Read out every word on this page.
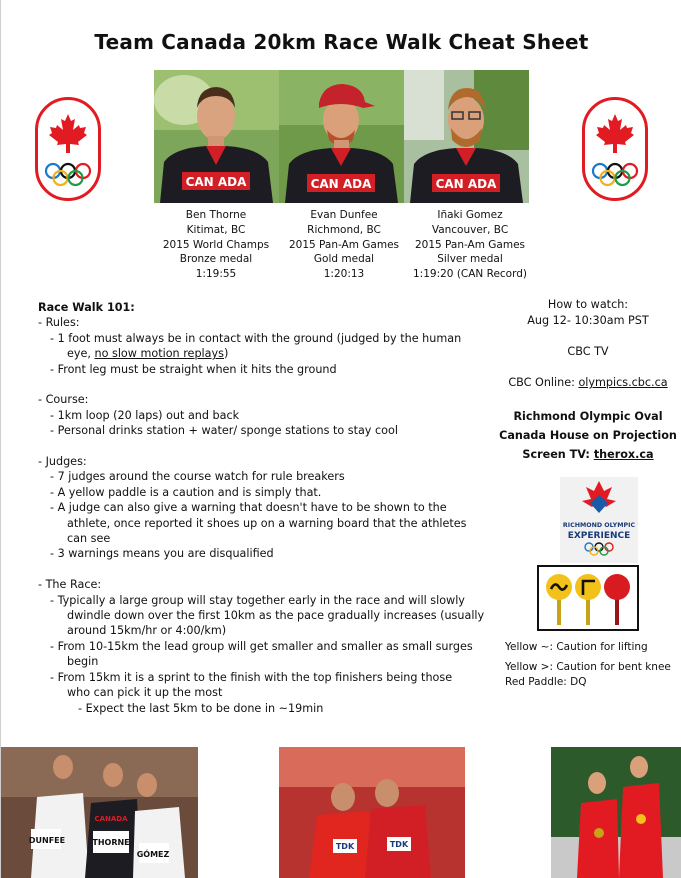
Team Canada 20km Race Walk Cheat Sheet
CAN ADA	CAN ADA	CAN ADA
Ben Thorne
Kitimat, BC
2015 World Champs
Bronze medal
1:19:55
Evan Dunfee
Richmond, BC
2015 Pan-Am Games
Gold medal
1:20:13
Iñaki Gomez
Vancouver, BC
2015 Pan-Am Games
Silver medal
1:19:20 (CAN Record)
Race Walk 101:
- Rules:
- 1 foot must always be in contact with the ground (judged by the human
eye, no slow motion replays)
- Front leg must be straight when it hits the ground
- Course:
- 1km loop (20 laps) out and back
- Personal drinks station + water/ sponge stations to stay cool
- Judges:
- 7 judges around the course watch for rule breakers
- A yellow paddle is a caution and is simply that.
- A judge can also give a warning that doesn't have to be shown to the
athlete, once reported it shoes up on a warning board that the athletes
can see
- 3 warnings means you are disqualified
- The Race:
- Typically a large group will stay together early in the race and will slowly
dwindle down over the first 10km as the pace gradually increases (usually
around 15km/hr or 4:00/km)
- From 10-15km the lead group will get smaller and smaller as small surges
begin
- From 15km it is a sprint to the finish with the top finishers being those
who can pick it up the most
- Expect the last 5km to be done in ~19min
How to watch:
Aug 12- 10:30am PST
CBC TV
CBC Online: olympics.cbc.ca
Richmond Olympic Oval
Canada House on Projection
Screen TV: therox.ca
RICHMOND OLYMPIC
EXPERIENCE
Yellow ~: Caution for lifting
Yellow >: Caution for bent knee
Red Paddle: DQ
DUNFEE	THORNE
GÓMEZ
CANADA
TDK	TDK
